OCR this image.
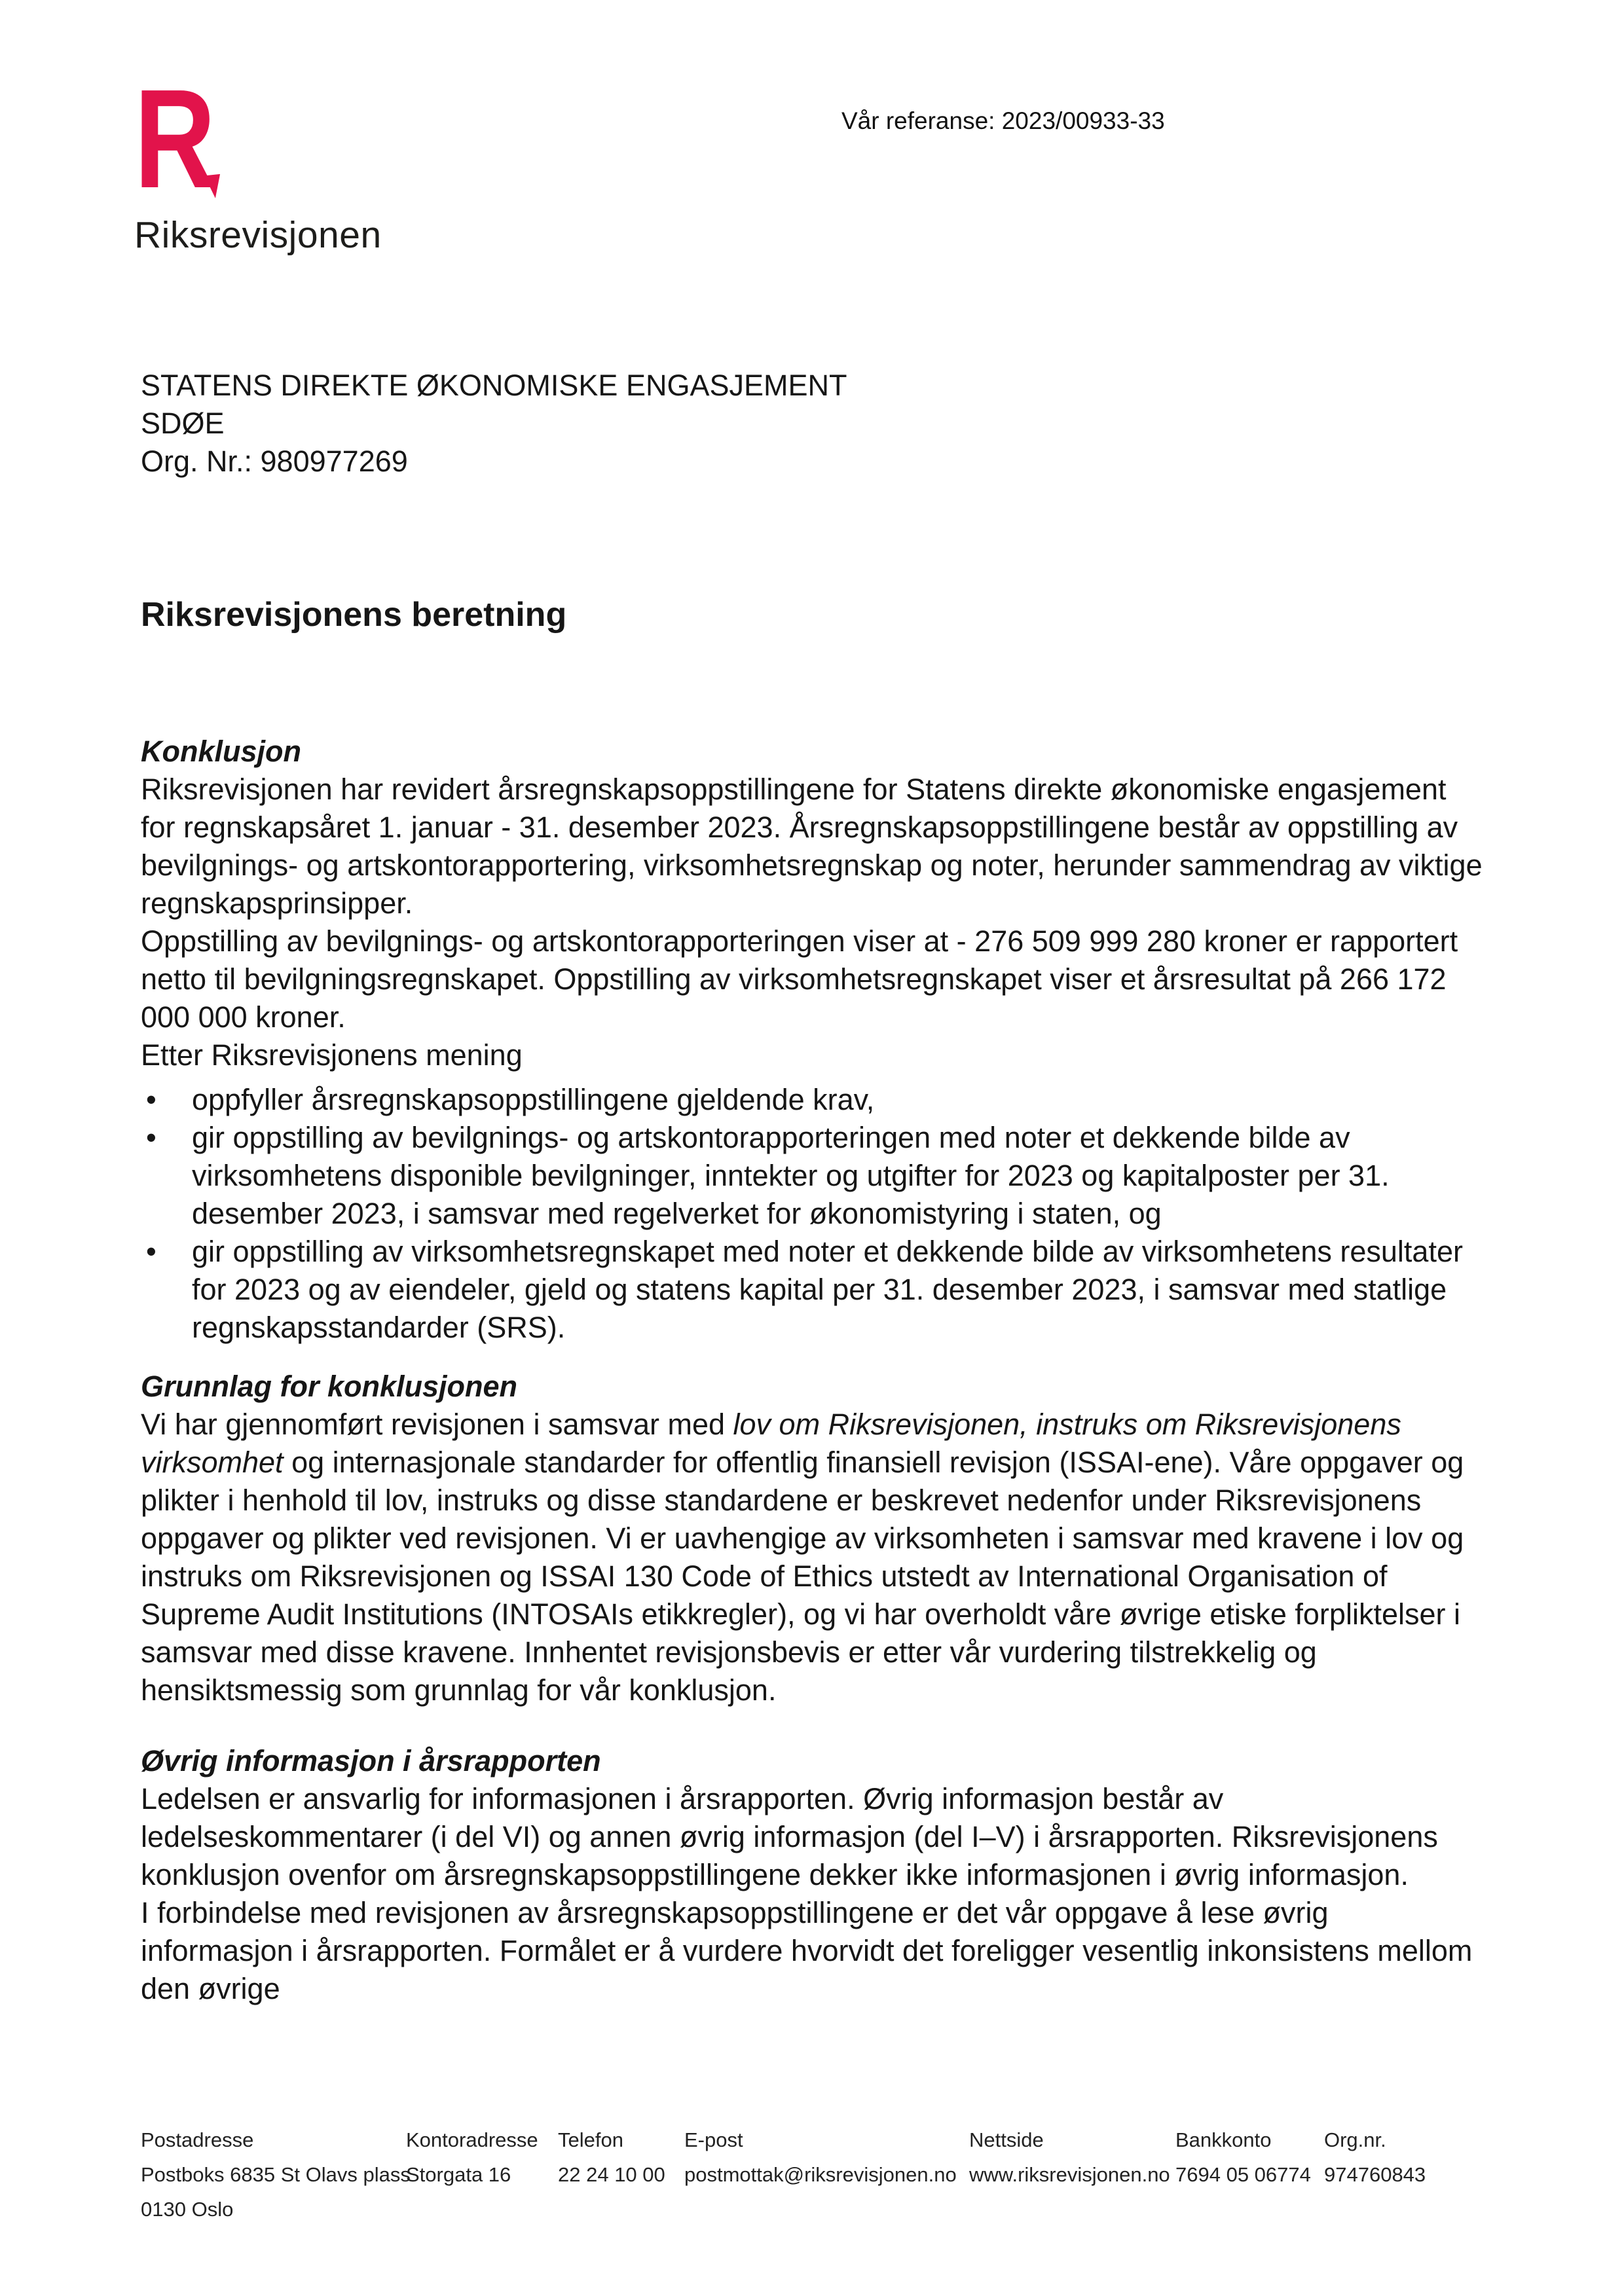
R
Riksrevisjonen
Vår referanse: 2023/00933-33
STATENS DIREKTE ØKONOMISKE ENGASJEMENT
SDØE
Org. Nr.: 980977269
Riksrevisjonens beretning
Konklusjon

Riksrevisjonen har revidert årsregnskapsoppstillingene for Statens direkte økonomiske engasjement for regnskapsåret 1. januar - 31. desember 2023. Årsregnskapsoppstillingene består av oppstilling av bevilgnings- og artskontorapportering, virksomhetsregnskap og noter, herunder sammendrag av viktige regnskapsprinsipper.

Oppstilling av bevilgnings- og artskontorapporteringen viser at - 276 509 999 280 kroner er rapportert netto til bevilgningsregnskapet. Oppstilling av virksomhetsregnskapet viser et årsresultat på 266 172 000 000 kroner.

Etter Riksrevisjonens mening

• oppfyller årsregnskapsoppstillingene gjeldende krav,
• gir oppstilling av bevilgnings- og artskontorapporteringen med noter et dekkende bilde av virksomhetens disponible bevilgninger, inntekter og utgifter for 2023 og kapitalposter per 31. desember 2023, i samsvar med regelverket for økonomistyring i staten, og
• gir oppstilling av virksomhetsregnskapet med noter et dekkende bilde av virksomhetens resultater for 2023 og av eiendeler, gjeld og statens kapital per 31. desember 2023, i samsvar med statlige regnskapsstandarder (SRS).
Grunnlag for konklusjonen

Vi har gjennomført revisjonen i samsvar med lov om Riksrevisjonen, instruks om Riksrevisjonens virksomhet og internasjonale standarder for offentlig finansiell revisjon (ISSAI-ene). Våre oppgaver og plikter i henhold til lov, instruks og disse standardene er beskrevet nedenfor under Riksrevisjonens oppgaver og plikter ved revisjonen. Vi er uavhengige av virksomheten i samsvar med kravene i lov og instruks om Riksrevisjonen og ISSAI 130 Code of Ethics utstedt av International Organisation of Supreme Audit Institutions (INTOSAIs etikkregler), og vi har overholdt våre øvrige etiske forpliktelser i samsvar med disse kravene. Innhentet revisjonsbevis er etter vår vurdering tilstrekkelig og hensiktsmessig som grunnlag for vår konklusjon.

Øvrig informasjon i årsrapporten

Ledelsen er ansvarlig for informasjonen i årsrapporten. Øvrig informasjon består av ledelseskommentarer (i del VI) og annen øvrig informasjon (del I–V) i årsrapporten. Riksrevisjonens konklusjon ovenfor om årsregnskapsoppstillingene dekker ikke informasjonen i øvrig informasjon.

I forbindelse med revisjonen av årsregnskapsoppstillingene er det vår oppgave å lese øvrig informasjon i årsrapporten. Formålet er å vurdere hvorvidt det foreligger vesentlig inkonsistens mellom den øvrige

Postadresse
Postboks 6835 St Olavs plass
0130 Oslo
Kontoradresse
Storgata 16
Telefon
22 24 10 00
E-post
postmottak@riksrevisjonen.no
Nettside
www.riksrevisjonen.no
Bankkonto
7694 05 06774
Org.nr.
974760843
